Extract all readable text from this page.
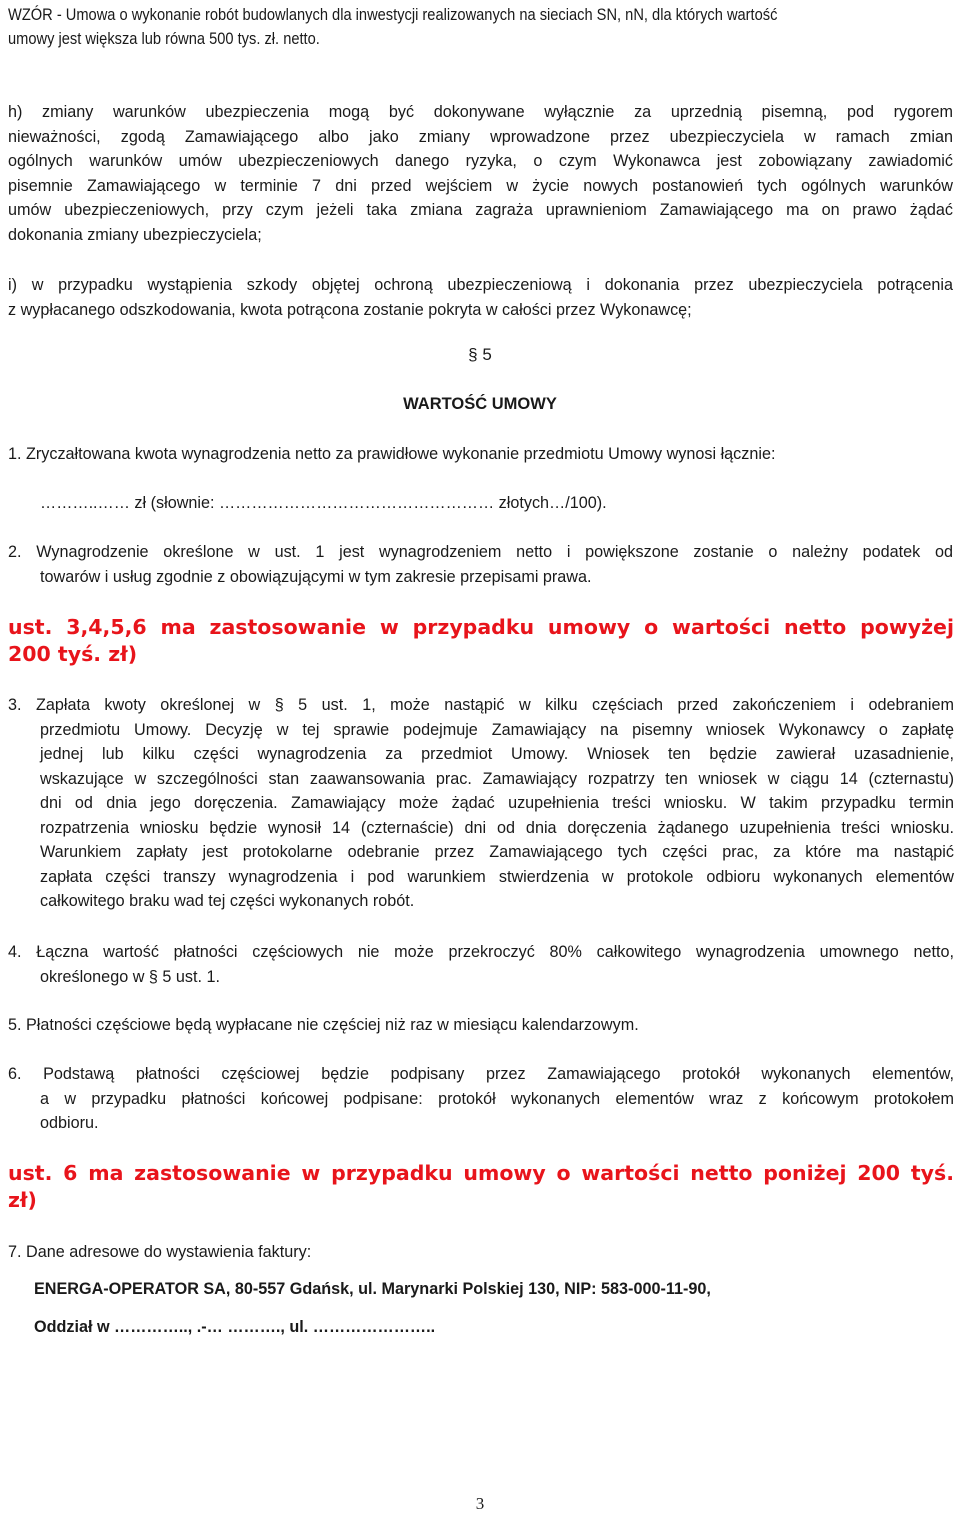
WZÓR - Umowa o wykonanie robót budowlanych dla inwestycji realizowanych na sieciach SN, nN, dla których wartość
umowy jest większa lub równa 500 tys. zł. netto.
h) zmiany warunków ubezpieczenia mogą być dokonywane wyłącznie za uprzednią pisemną, pod rygorem
nieważności, zgodą Zamawiającego albo jako zmiany wprowadzone przez ubezpieczyciela w ramach zmian
ogólnych warunków umów ubezpieczeniowych danego ryzyka, o czym Wykonawca jest zobowiązany zawiadomić
pisemnie Zamawiającego w terminie 7 dni przed wejściem w życie nowych postanowień tych ogólnych warunków
umów ubezpieczeniowych, przy czym jeżeli taka zmiana zagraża uprawnieniom Zamawiającego ma on prawo żądać
dokonania zmiany ubezpieczyciela;
i) w przypadku wystąpienia szkody objętej ochroną ubezpieczeniową i dokonania przez ubezpieczyciela potrącenia
z wypłacanego odszkodowania, kwota potrącona zostanie pokryta w całości przez Wykonawcę;
§ 5
WARTOŚĆ UMOWY
1. Zryczałtowana kwota wynagrodzenia netto za prawidłowe wykonanie przedmiotu Umowy wynosi łącznie:
………..…… zł (słownie: …………………………………………… złotych…/100).
2. Wynagrodzenie określone w ust. 1 jest wynagrodzeniem netto i powiększone zostanie o należny podatek od
towarów i usług zgodnie z obowiązującymi w tym zakresie przepisami prawa.
ust. 3,4,5,6 ma zastosowanie w przypadku umowy o wartości netto powyżej
200 tyś. zł)
3. Zapłata kwoty określonej w § 5 ust. 1, może nastąpić w kilku częściach przed zakończeniem i odebraniem
przedmiotu Umowy. Decyzję w tej sprawie podejmuje Zamawiający na pisemny wniosek Wykonawcy o zapłatę
jednej lub kilku części wynagrodzenia za przedmiot Umowy. Wniosek ten będzie zawierał uzasadnienie,
wskazujące w szczególności stan zaawansowania prac. Zamawiający rozpatrzy ten wniosek w ciągu 14 (czternastu)
dni od dnia jego doręczenia. Zamawiający może żądać uzupełnienia treści wniosku. W takim przypadku termin
rozpatrzenia wniosku będzie wynosił 14 (czternaście) dni od dnia doręczenia żądanego uzupełnienia treści wniosku.
Warunkiem zapłaty jest protokolarne odebranie przez Zamawiającego tych części prac, za które ma nastąpić
zapłata części transzy wynagrodzenia i pod warunkiem stwierdzenia w protokole odbioru wykonanych elementów
całkowitego braku wad tej części wykonanych robót.
4. Łączna wartość płatności częściowych nie może przekroczyć 80% całkowitego wynagrodzenia umownego netto,
określonego w § 5 ust. 1.
5. Płatności częściowe będą wypłacane nie częściej niż raz w miesiącu kalendarzowym.
6. Podstawą płatności częściowej będzie podpisany przez Zamawiającego protokół wykonanych elementów,
a w przypadku płatności końcowej podpisane: protokół wykonanych elementów wraz z końcowym protokołem
odbioru.
ust. 6 ma zastosowanie w przypadku umowy o wartości netto poniżej 200 tyś.
zł)
7. Dane adresowe do wystawienia faktury:
ENERGA-OPERATOR SA, 80-557 Gdańsk, ul. Marynarki Polskiej 130, NIP: 583-000-11-90,
Oddział w ………….., .-… ………., ul. …………………..
3
